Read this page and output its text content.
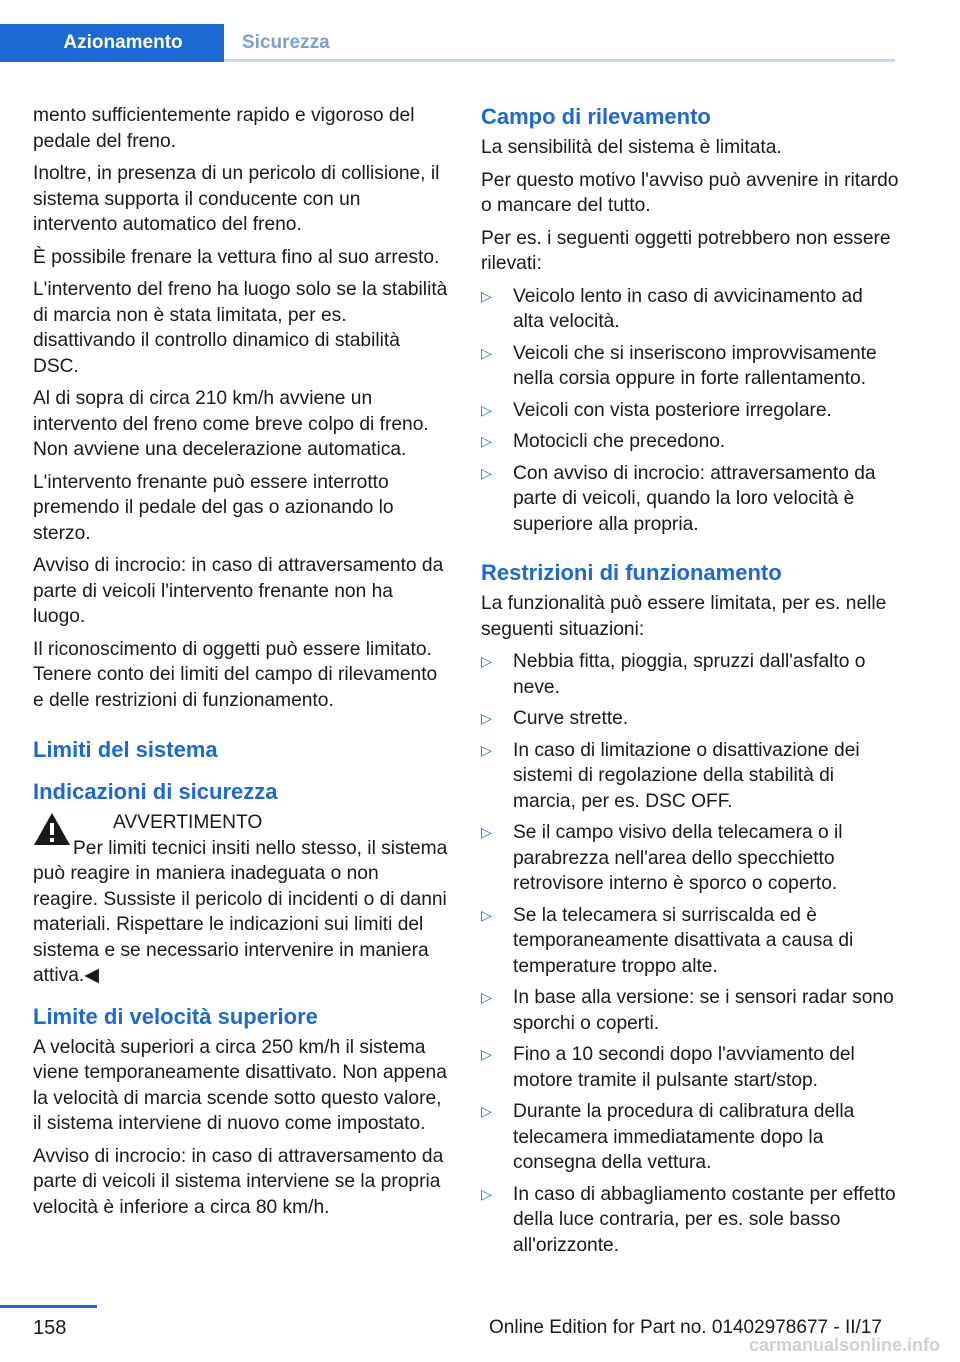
Azionamento	Sicurezza

mento sufficientemente rapido e vigoroso del pedale del freno.

Inoltre, in presenza di un pericolo di collisione, il sistema supporta il conducente con un intervento automatico del freno.

È possibile frenare la vettura fino al suo arresto.

L'intervento del freno ha luogo solo se la stabilità di marcia non è stata limitata, per es. disattivando il controllo dinamico di stabilità DSC.

Al di sopra di circa 210 km/h avviene un intervento del freno come breve colpo di freno. Non avviene una decelerazione automatica.

L'intervento frenante può essere interrotto premendo il pedale del gas o azionando lo sterzo.

Avviso di incrocio: in caso di attraversamento da parte di veicoli l'intervento frenante non ha luogo.

Il riconoscimento di oggetti può essere limitato. Tenere conto dei limiti del campo di rilevamento e delle restrizioni di funzionamento.

Limiti del sistema
Indicazioni di sicurezza
AVVERTIMENTO
Per limiti tecnici insiti nello stesso, il sistema può reagire in maniera inadeguata o non reagire. Sussiste il pericolo di incidenti o di danni materiali. Rispettare le indicazioni sui limiti del sistema e se necessario intervenire in maniera attiva.◀
Limite di velocità superiore

A velocità superiori a circa 250 km/h il sistema viene temporaneamente disattivato. Non appena la velocità di marcia scende sotto questo valore, il sistema interviene di nuovo come impostato.

Avviso di incrocio: in caso di attraversamento da parte di veicoli il sistema interviene se la propria velocità è inferiore a circa 80 km/h.

Campo di rilevamento

La sensibilità del sistema è limitata.

Per questo motivo l'avviso può avvenire in ritardo o mancare del tutto.

Per es. i seguenti oggetti potrebbero non essere rilevati:

▷ Veicolo lento in caso di avvicinamento ad alta velocità.
▷ Veicoli che si inseriscono improvvisamente nella corsia oppure in forte rallentamento.
▷ Veicoli con vista posteriore irregolare.
▷ Motocicli che precedono.
▷ Con avviso di incrocio: attraversamento da parte di veicoli, quando la loro velocità è superiore alla propria.
Restrizioni di funzionamento

La funzionalità può essere limitata, per es. nelle seguenti situazioni:

▷ Nebbia fitta, pioggia, spruzzi dall'asfalto o neve.
▷ Curve strette.
▷ In caso di limitazione o disattivazione dei sistemi di regolazione della stabilità di marcia, per es. DSC OFF.
▷ Se il campo visivo della telecamera o il parabrezza nell'area dello specchietto retrovisore interno è sporco o coperto.
▷ Se la telecamera si surriscalda ed è temporaneamente disattivata a causa di temperature troppo alte.
▷ In base alla versione: se i sensori radar sono sporchi o coperti.
▷ Fino a 10 secondi dopo l'avviamento del motore tramite il pulsante start/stop.
▷ Durante la procedura di calibratura della telecamera immediatamente dopo la consegna della vettura.
▷ In caso di abbagliamento costante per effetto della luce contraria, per es. sole basso all'orizzonte.
158	Online Edition for Part no. 01402978677 - II/17
carmanualsonline.info
